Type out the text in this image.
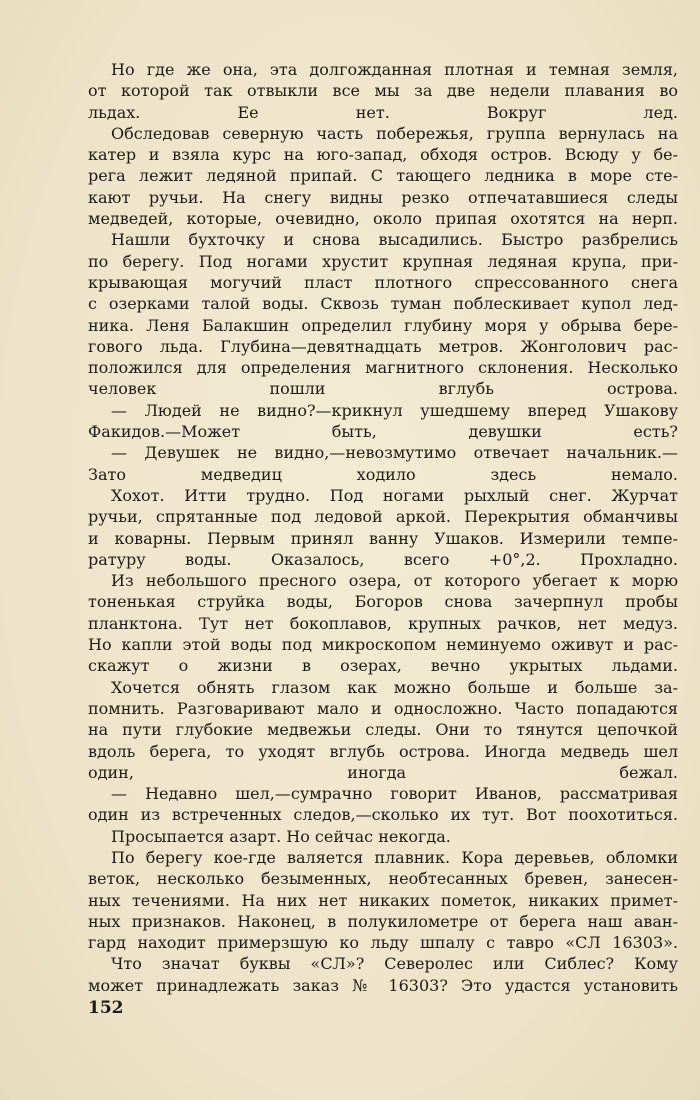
Но где же она, эта долгожданная плотная и темная земля,
от которой так отвыкли все мы за две недели плавания во
льдах. Ее нет. Вокруг лед.

Обследовав северную часть побережья, группа вернулась на
катер и взяла курс на юго-запад, обходя остров. Всюду у бе-
рега лежит ледяной припай. С тающего ледника в море сте-
кают ручьи. На снегу видны резко отпечатавшиеся следы
медведей, которые, очевидно, около припая охотятся на нерп.

Нашли бухточку и снова высадились. Быстро разбрелись
по берегу. Под ногами хрустит крупная ледяная крупа, при-
крывающая могучий пласт плотного спрессованного снега
с озерками талой воды. Сквозь туман поблескивает купол лед-
ника. Леня Балакшин определил глубину моря у обрыва бере-
гового льда. Глубина—девятнадцать метров. Жонголович рас-
положился для определения магнитного склонения. Несколько
человек пошли вглубь острова.

— Людей не видно?—крикнул ушедшему вперед Ушакову
Факидов.—Может быть, девушки есть?

— Девушек не видно,—невозмутимо отвечает начальник.—
Зато медведиц ходило здесь немало.

Хохот. Итти трудно. Под ногами рыхлый снег. Журчат
ручьи, спрятанные под ледовой аркой. Перекрытия обманчивы
и коварны. Первым принял ванну Ушаков. Измерили темпе-
ратуру воды. Оказалось, всего +0°,2. Прохладно.

Из небольшого пресного озера, от которого убегает к морю
тоненькая струйка воды, Богоров снова зачерпнул пробы
планктона. Тут нет бокоплавов, крупных рачков, нет медуз.
Но капли этой воды под микроскопом неминуемо оживут и рас-
скажут о жизни в озерах, вечно укрытых льдами.

Хочется обнять глазом как можно больше и больше за-
помнить. Разговаривают мало и односложно. Часто попадаются
на пути глубокие медвежьи следы. Они то тянутся цепочкой
вдоль берега, то уходят вглубь острова. Иногда медведь шел
один, иногда бежал.

— Недавно шел,—сумрачно говорит Иванов, рассматривая
один из встреченных следов,—сколько их тут. Вот поохотиться.

Просыпается азарт. Но сейчас некогда.

По берегу кое-где валяется плавник. Кора деревьев, обломки
веток, несколько безыменных, необтесанных бревен, занесен-
ных течениями. На них нет никаких пометок, никаких примет-
ных признаков. Наконец, в полукилометре от берега наш аван-
гард находит примерзшую ко льду шпалу с тавро «СЛ 16303».

Что значат буквы «СЛ»? Северолес или Сиблес? Кому
может принадлежать заказ № 16303? Это удастся установить

152
